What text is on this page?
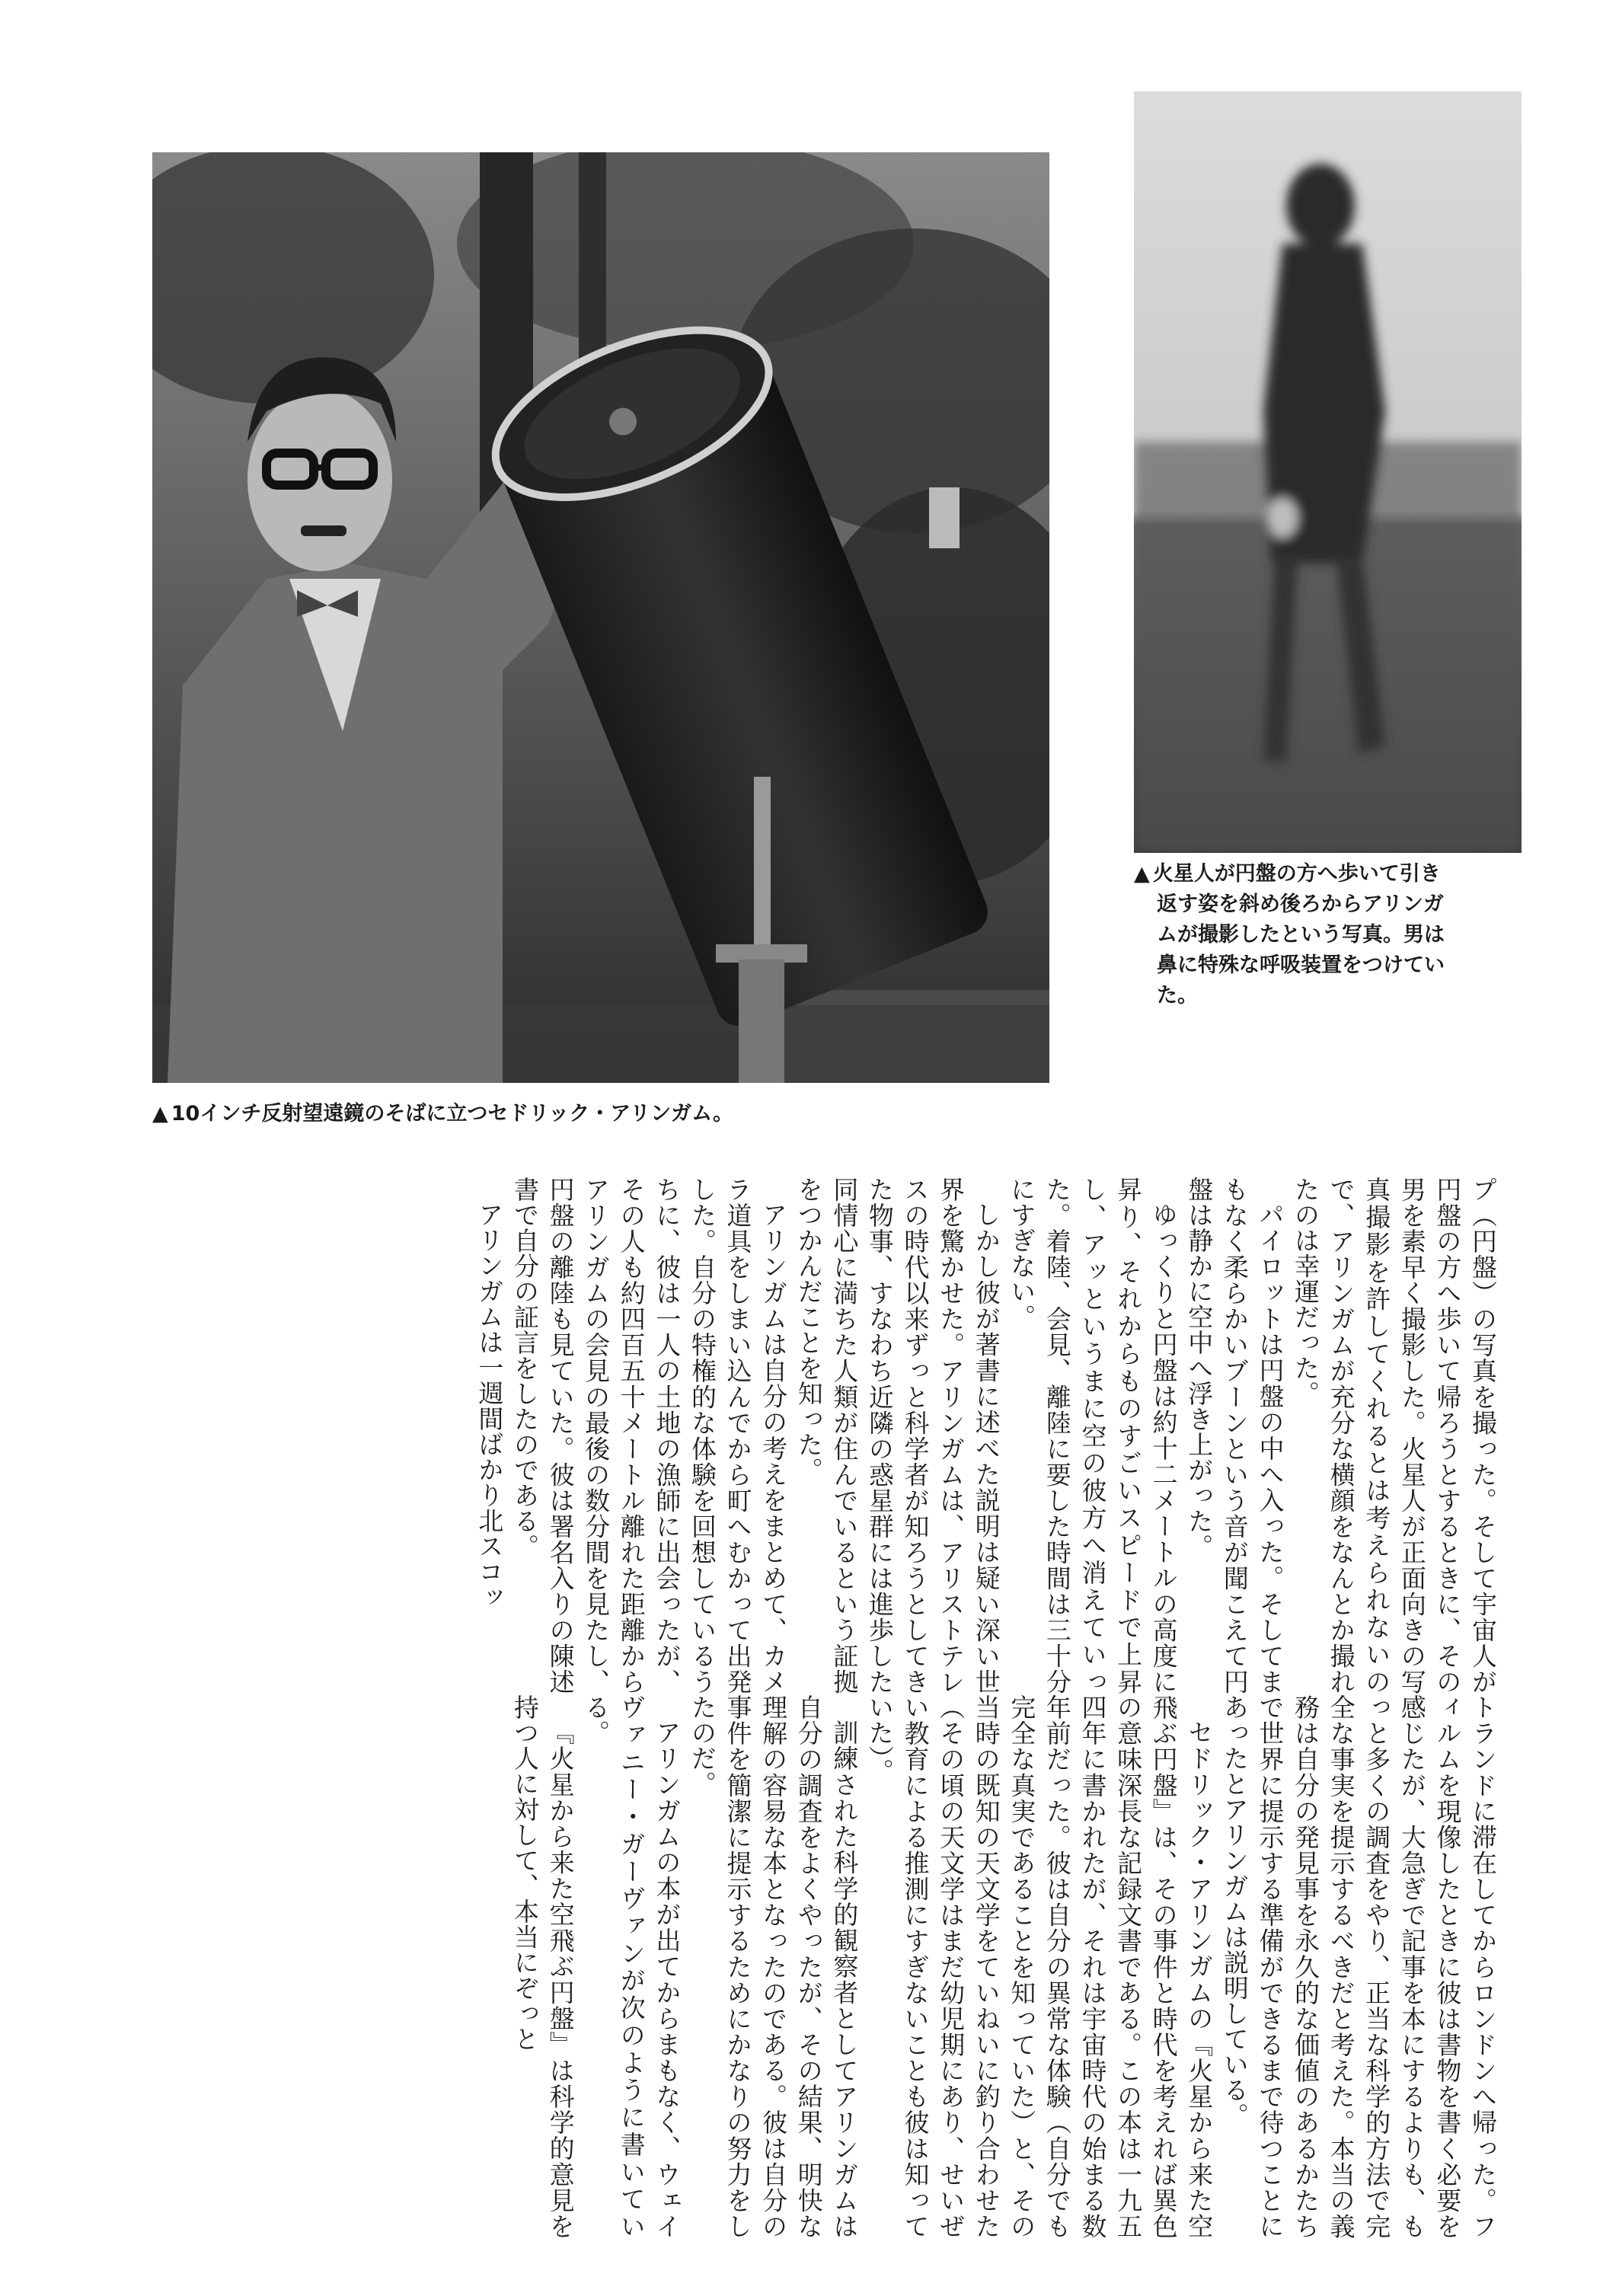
▲ 10インチ反射望遠鏡のそばに立つセドリック・アリンガム。
▲ 火星人が円盤の方へ歩いて引き
返す姿を斜め後ろからアリンガ
ムが撮影したという写真。男は
鼻に特殊な呼吸装置をつけてい
た。

プ（円盤）の写真を撮った。そして宇宙人が円盤の方へ歩いて帰ろうとするときに、その男を素早く撮影した。火星人が正面向きの写真撮影を許してくれるとは考えられないので、アリンガムが充分な横顔をなんとか撮れたのは幸運だった。

パイロットは円盤の中へ入った。そしてまもなく柔らかいブーンという音が聞こえて円盤は静かに空中へ浮き上がった。

ゆっくりと円盤は約十二メートルの高度に昇り、それからものすごいスピードで上昇し、アッというまに空の彼方へ消えていった。着陸、会見、離陸に要した時間は三十分にすぎない。

しかし彼が著書に述べた説明は疑い深い世界を驚かせた。アリンガムは、アリストテレスの時代以来ずっと科学者が知ろうとしてきた物事、すなわち近隣の惑星群には進歩した同情心に満ちた人類が住んでいるという証拠をつかんだことを知った。

アリンガムは自分の考えをまとめて、カメラ道具をしまい込んでから町へむかって出発した。自分の特権的な体験を回想しているうちに、彼は一人の土地の漁師に出会ったが、その人も約四百五十メートル離れた距離からアリンガムの会見の最後の数分間を見たし、円盤の離陸も見ていた。彼は署名入りの陳述書で自分の証言をしたのである。

アリンガムは一週間ばかり北スコッ

トランドに滞在してからロンドンへ帰った。フィルムを現像したときに彼は書物を書く必要を感じたが、大急ぎで記事を本にするよりも、もっと多くの調査をやり、正当な科学的方法で完全な事実を提示するべきだと考えた。本当の義務は自分の発見事を永久的な価値のあるかたちで世界に提示する準備ができるまで待つことにあったとアリンガムは説明している。

セドリック・アリンガムの『火星から来た空飛ぶ円盤』は、その事件と時代を考えれば異色の意味深長な記録文書である。この本は一九五四年に書かれたが、それは宇宙時代の始まる数年前だった。彼は自分の異常な体験（自分でも完全な真実であることを知っていた）と、その当時の既知の天文学をていねいに釣り合わせた（その頃の天文学はまだ幼児期にあり、せいぜい教育による推測にすぎないことも彼は知っていた）。

訓練された科学的観察者としてアリンガムは自分の調査をよくやったが、その結果、明快な理解の容易な本となったのである。彼は自分の事件を簡潔に提示するためにかなりの努力をしたのだ。

アリンガムの本が出てからまもなく、ウェイヴァニー・ガーヴァンが次のように書いている。

『火星から来た空飛ぶ円盤』は科学的意見を持つ人に対して、本当にぞっと
